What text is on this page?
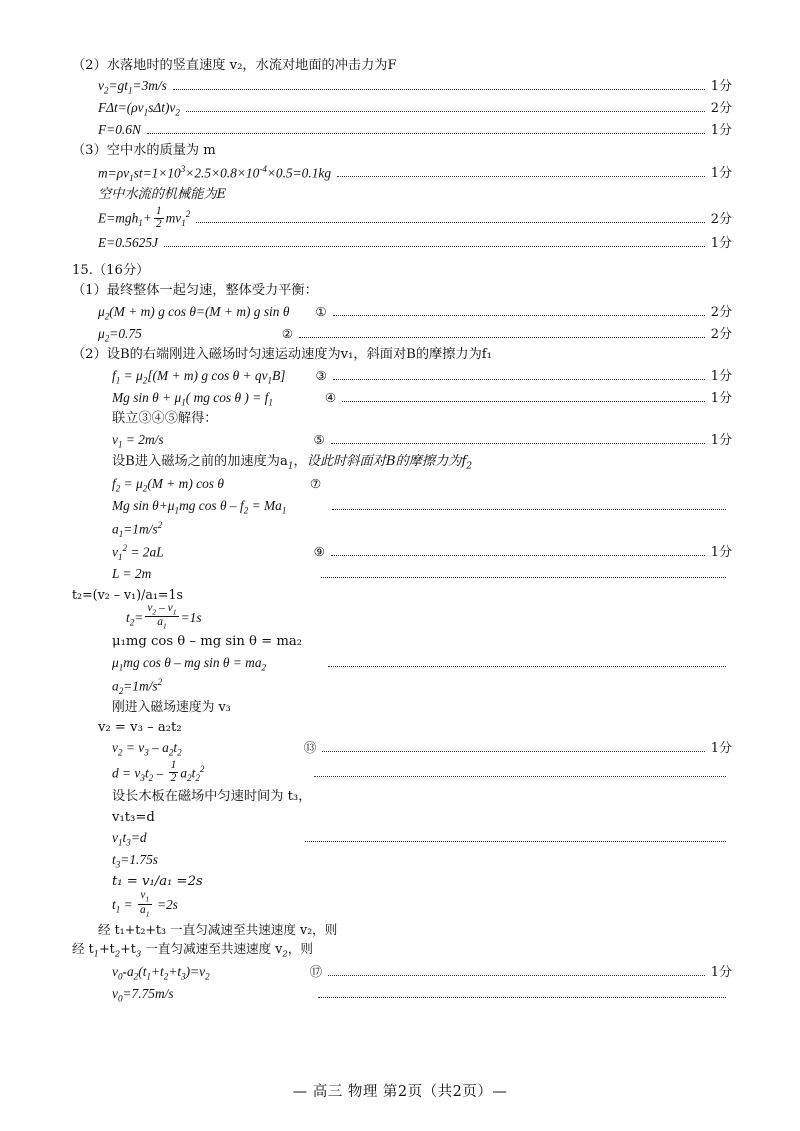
（2）水落地时的竖直速度 v₂，水流对地面的冲击力为F
$v_2=gt_1=3m/s$	1分
$F\Delta t=(\rho v_1s\Delta t)v_2$	2分
F=0.6N	1分
（3）空中水的质量为 m
$m=\rho v_1st=1\times 10^3\times 2.5\times 0.8\times 10^{-4}\times 0.5=0.1kg$	1分
空中水流的机械能为E
$E=mgh_1+ \frac{1}{2} mv_1^2$	2分
E=0.5625J	1分
15.（16分）
（1）最终整体一起匀速，整体受力平衡：
$\mu_2(M + m)$ g cos θ=(M + m) g sin θ	①	2分
$\mu_2=0.75$	②	2分
（2）设B的右端刚进入磁场时匀速运动速度为v₁，斜面对B的摩擦力为f₁
$f_1 = \mu_2[(M + m)$ g $\cos \theta + qv_1B$]	③	1分
Mg $\sin \theta + \mu_1$( mg cos θ ) = $f_1$	④	1分
联立③④⑤解得：
$v_1 = 2m/s$	⑤	1分
设B进入磁场之前的加速度为$a_1$，设此时斜面对B的摩擦力为$f_2$
$f_2 = \mu_2(M + m)$ cos θ	⑦
Mg $\sin \theta+\mu_1mg$ $\cos \theta - f_2 = Ma_1$
$a_1=1m/s^2$
$v_1^2 = 2aL$	⑨	1分
L = 2m
t₂=(v₂ – v₁)/a₁=1s
$t_2= \frac{v_2 - v_1}{a_1} =1s$
μ₁mg cos θ – mg sin θ = ma₂
$\mu_1mg$ cos θ – mg $\sin \theta = ma_2$
$a_2=1m/s^2$
刚进入磁场速度为 v₃
v₂ = v₃ – a₂t₂
$v_2 = v_3 - a_2t_2$	⑬	1分
$d = v_3t_2 - \frac{1}{2} a_2t_2^2$
设长木板在磁场中匀速时间为 t₃，
v₁t₃=d
$v_1t_3=d$
$t_3=1.75s$
t₁ = v₁/a₁ =2s
$t_1 = \frac{v_1}{a_1} =2s$
经 t₁+t₂+t₃ 一直匀减速至共速速度 v₂，则
经 $t_1+t_2+t_3$ 一直匀减速至共速速度 $v_2$，则
$v_0-a_2(t_1+t_2+t_3)=v_2$	⑰	1分
$v_0=7.75m/s$
— 高三 物理 第2页（共2页）—
